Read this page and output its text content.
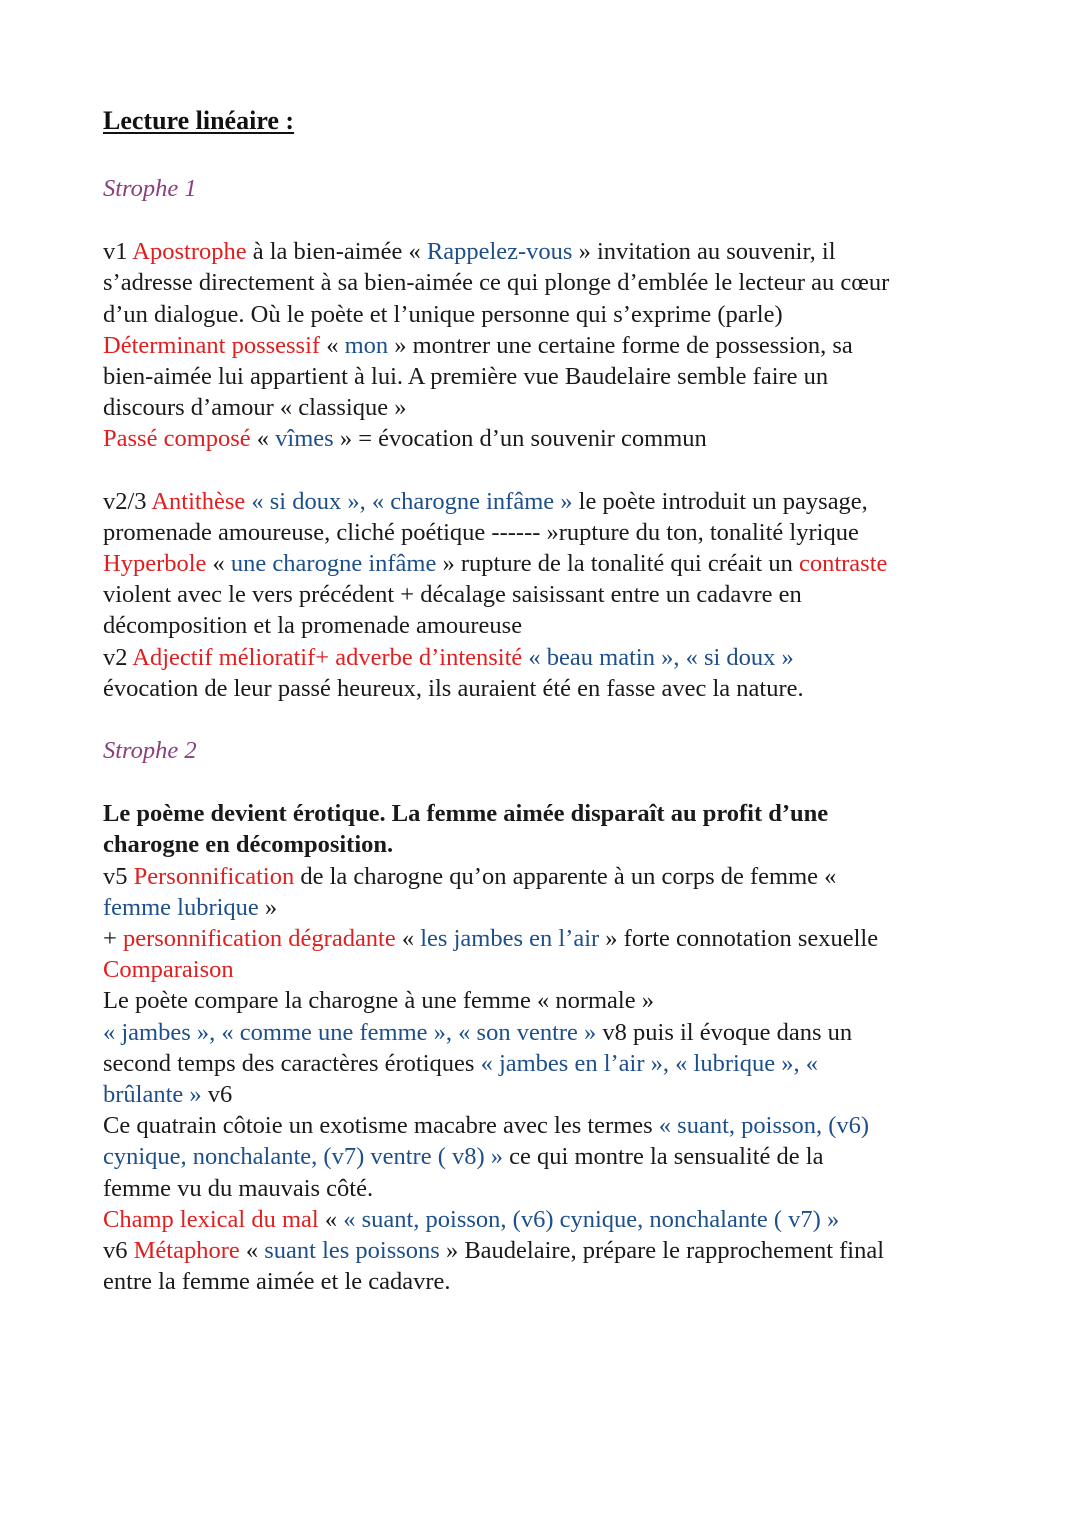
Lecture linéaire :

Strophe 1

v1 Apostrophe à la bien-aimée « Rappelez-vous » invitation au souvenir, il
s’adresse directement à sa bien-aimée ce qui plonge d’emblée le lecteur au cœur
d’un dialogue. Où le poète et l’unique personne qui s’exprime (parle)
Déterminant possessif « mon » montrer une certaine forme de possession, sa
bien-aimée lui appartient à lui. A première vue Baudelaire semble faire un
discours d’amour « classique »
Passé composé « vîmes » = évocation d’un souvenir commun
v2/3 Antithèse « si doux », « charogne infâme » le poète introduit un paysage,
promenade amoureuse, cliché poétique ------ »rupture du ton, tonalité lyrique
Hyperbole « une charogne infâme » rupture de la tonalité qui créait un contraste
violent avec le vers précédent + décalage saisissant entre un cadavre en
décomposition et la promenade amoureuse
v2 Adjectif mélioratif+ adverbe d’intensité « beau matin », « si doux »
évocation de leur passé heureux, ils auraient été en fasse avec la nature.

Strophe 2

Le poème devient érotique. La femme aimée disparaît au profit d’une
charogne en décomposition.
v5 Personnification de la charogne qu’on apparente à un corps de femme «
femme lubrique »
+ personnification dégradante « les jambes en l’air » forte connotation sexuelle
Comparaison
Le poète compare la charogne à une femme « normale »
« jambes », « comme une femme », « son ventre » v8 puis il évoque dans un
second temps des caractères érotiques « jambes en l’air », « lubrique », «
brûlante » v6
Ce quatrain côtoie un exotisme macabre avec les termes « suant, poisson, (v6)
cynique, nonchalante, (v7) ventre ( v8) » ce qui montre la sensualité de la
femme vu du mauvais côté.
Champ lexical du mal « « suant, poisson, (v6) cynique, nonchalante ( v7) »
v6 Métaphore « suant les poissons » Baudelaire, prépare le rapprochement final
entre la femme aimée et le cadavre.
